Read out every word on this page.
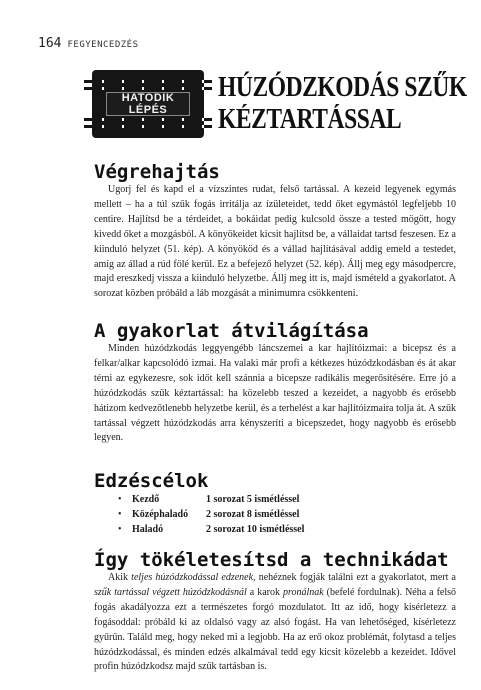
164 FEGYENCEDZÉS
HATODIK
LÉPÉS
HÚZÓDZKODÁS SZŰK
KÉZTARTÁSSAL
Végrehajtás

Ugorj fel és kapd el a vízszintes rudat, felső tartással. A kezeid legyenek egymás mellett – ha a túl szűk fogás irritálja az ízületeidet, tedd őket egymástól legfeljebb 10 centire. Hajlítsd be a térdeidet, a bokáidat pedig kulcsold össze a tested mögött, hogy kivedd őket a mozgásból. A könyökeidet kicsit hajlítsd be, a vállaidat tartsd feszesen. Ez a kiinduló helyzet (51. kép). A könyököd és a vállad hajlításával addig emeld a testedet, amíg az állad a rúd fölé kerül. Ez a befejező helyzet (52. kép). Állj meg egy másodpercre, majd ereszkedj vissza a kiinduló helyzetbe. Állj meg itt is, majd ismételd a gyakorlatot. A sorozat közben próbáld a láb mozgását a minimumra csökkenteni.

A gyakorlat átvilágítása

Minden húzódzkodás leggyengébb láncszemei a kar hajlítóizmai: a bicepsz és a felkar/alkar kapcsolódó izmai. Ha valaki már profi a kétkezes húzódzkodásban és át akar térni az egykezesre, sok időt kell szánnia a bicepsze radikális megerősítésére. Erre jó a húzódzkodás szűk kéztartással: ha közelebb teszed a kezeidet, a nagyobb és erősebb hátizom kedvezőtlenebb helyzetbe kerül, és a terhelést a kar hajlítóizmaira tolja át. A szűk tartással végzett húzódzkodás arra kényszeríti a bicepszedet, hogy nagyobb és erősebb legyen.

Edzéscélok
•	Kezdő	1 sorozat 5 ismétléssel
•	Középhaladó	2 sorozat 8 ismétléssel
•	Haladó	2 sorozat 10 ismétléssel
Így tökéletesítsd a technikádat

Akik teljes húzódzkodással edzenek, nehéznek fogják találni ezt a gyakorlatot, mert a szűk tartással végzett húzódzkodásnál a karok pronálnak (befelé fordulnak). Néha a felső fogás akadályozza ezt a természetes forgó mozdulatot. Itt az idő, hogy kísérletezz a fogásoddal: próbáld ki az oldalsó vagy az alsó fogást. Ha van lehetőséged, kísérletezz gyűrűn. Találd meg, hogy neked mi a legjobb. Ha az erő okoz problémát, folytasd a teljes húzódzkodással, és minden edzés alkalmával tedd egy kicsit közelebb a kezeidet. Idővel profin húzódzkodsz majd szűk tartásban is.
